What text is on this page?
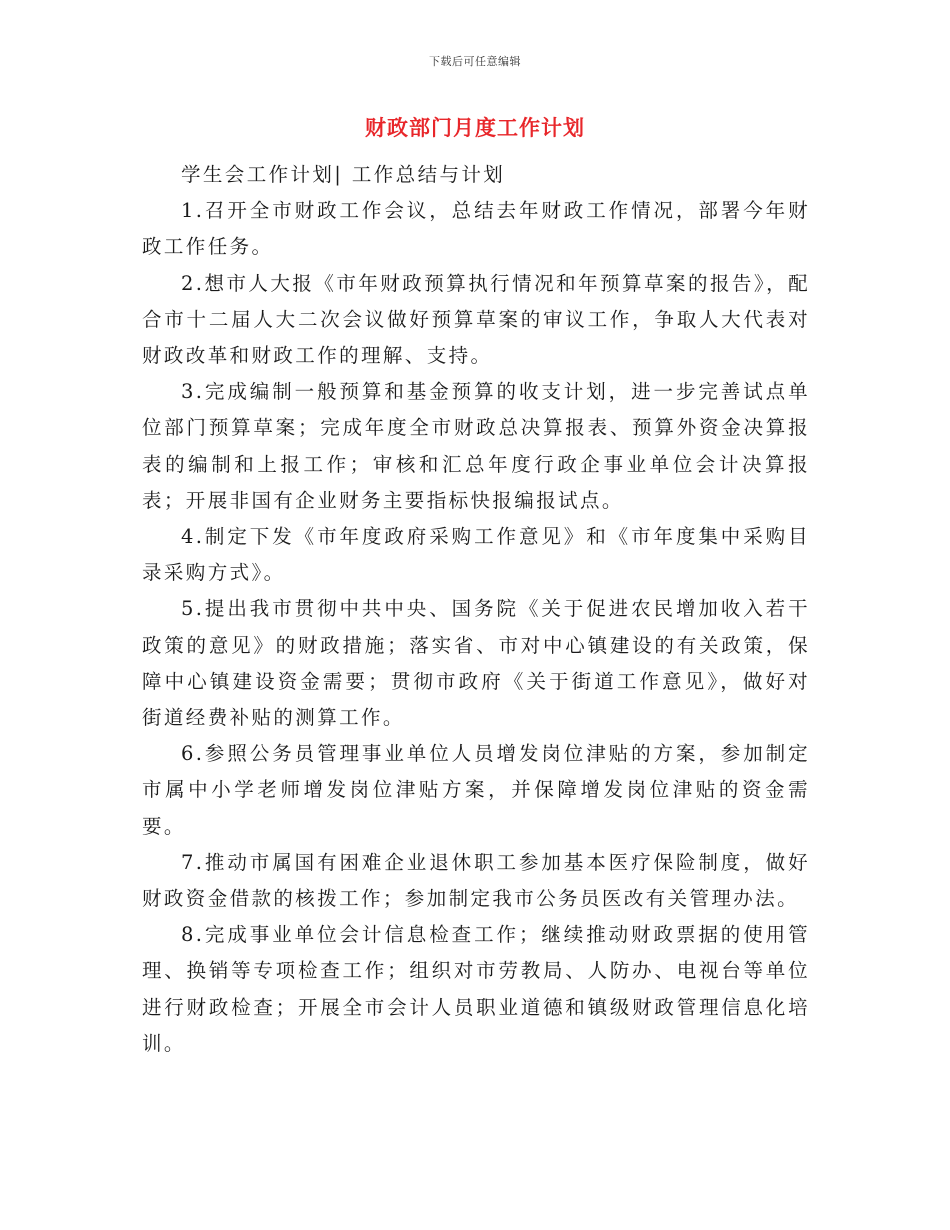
下载后可任意编辑
财政部门月度工作计划

学生会工作计划| 工作总结与计划

1.召开全市财政工作会议，总结去年财政工作情况，部署今年财政工作任务。

2.想市人大报《市年财政预算执行情况和年预算草案的报告》，配合市十二届人大二次会议做好预算草案的审议工作，争取人大代表对财政改革和财政工作的理解、支持。

3.完成编制一般预算和基金预算的收支计划，进一步完善试点单位部门预算草案；完成年度全市财政总决算报表、预算外资金决算报表的编制和上报工作；审核和汇总年度行政企事业单位会计决算报表；开展非国有企业财务主要指标快报编报试点。

4.制定下发《市年度政府采购工作意见》和《市年度集中采购目录采购方式》。

5.提出我市贯彻中共中央、国务院《关于促进农民增加收入若干政策的意见》的财政措施；落实省、市对中心镇建设的有关政策，保障中心镇建设资金需要；贯彻市政府《关于街道工作意见》，做好对街道经费补贴的测算工作。

6.参照公务员管理事业单位人员增发岗位津贴的方案，参加制定市属中小学老师增发岗位津贴方案，并保障增发岗位津贴的资金需要。

7.推动市属国有困难企业退休职工参加基本医疗保险制度，做好财政资金借款的核拨工作；参加制定我市公务员医改有关管理办法。

8.完成事业单位会计信息检查工作；继续推动财政票据的使用管理、换销等专项检查工作；组织对市劳教局、人防办、电视台等单位进行财政检查；开展全市会计人员职业道德和镇级财政管理信息化培训。
